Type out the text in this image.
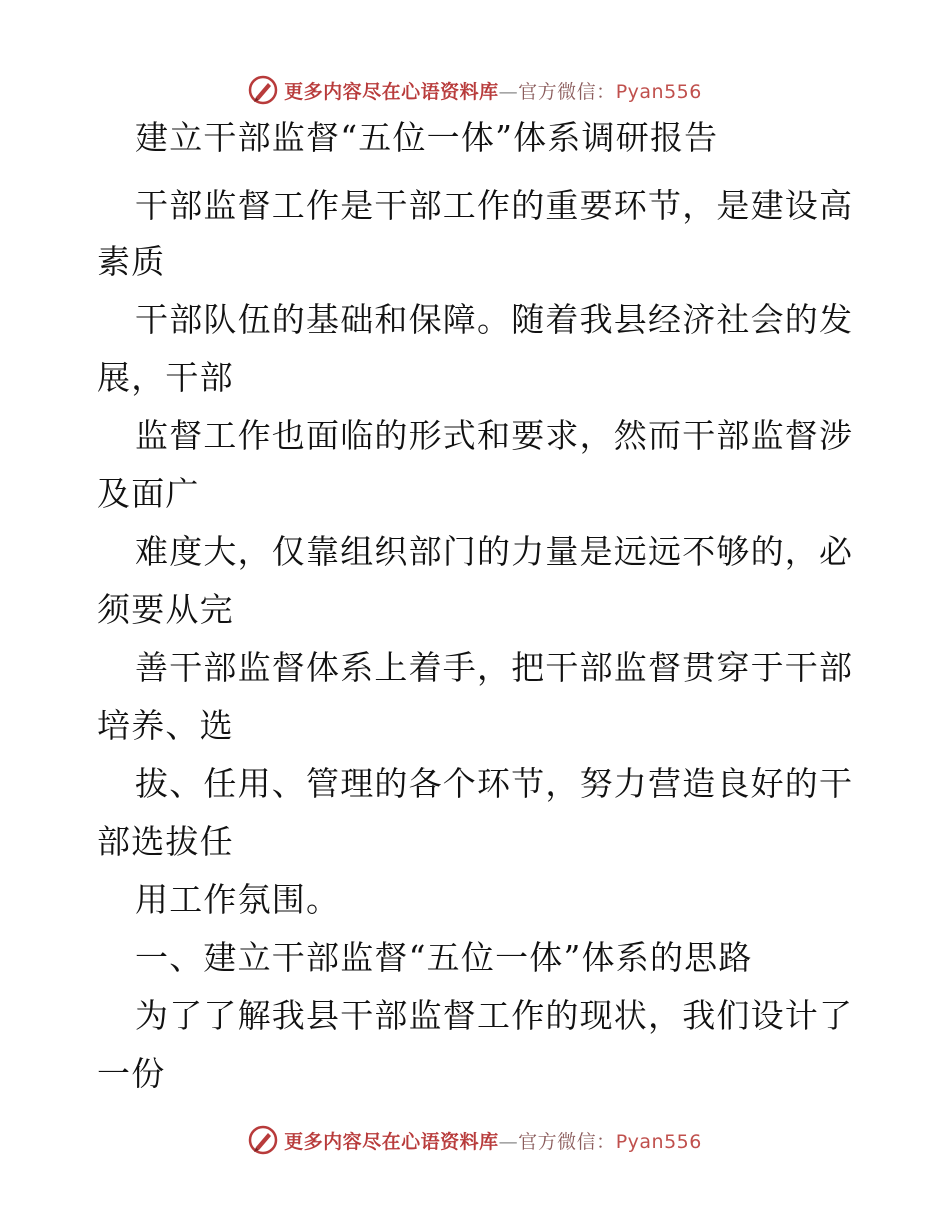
更多内容尽在心语资料库—官方微信：Pyan556
建立干部监督“五位一体”体系调研报告
干部监督工作是干部工作的重要环节，是建设高
素质
干部队伍的基础和保障。随着我县经济社会的发
展，干部
监督工作也面临的形式和要求，然而干部监督涉
及面广
难度大，仅靠组织部门的力量是远远不够的，必
须要从完
善干部监督体系上着手，把干部监督贯穿于干部
培养、选
拔、任用、管理的各个环节，努力营造良好的干
部选拔任
用工作氛围。
一、建立干部监督“五位一体”体系的思路
为了了解我县干部监督工作的现状，我们设计了
一份
更多内容尽在心语资料库—官方微信：Pyan556
